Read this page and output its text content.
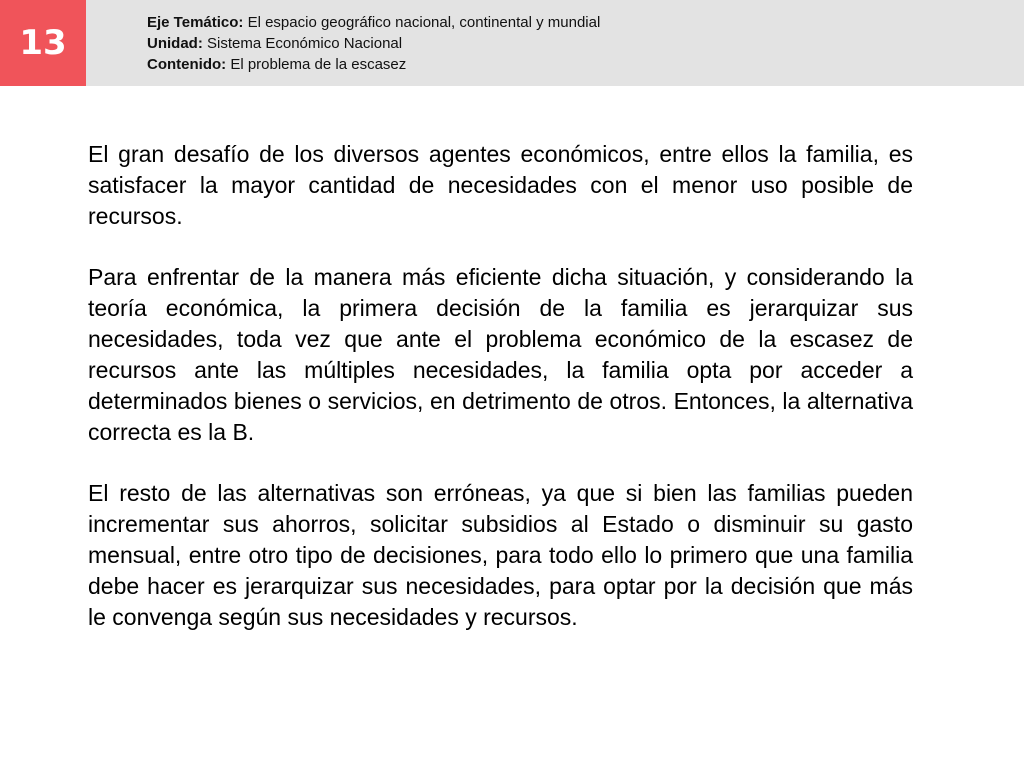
13
Eje Temático: El espacio geográfico nacional, continental y mundial
Unidad: Sistema Económico Nacional
Contenido: El problema de la escasez

El gran desafío de los diversos agentes económicos, entre ellos la familia, es satisfacer la mayor cantidad de necesidades con el menor uso posible de recursos.

Para enfrentar de la manera más eficiente dicha situación, y considerando la teoría económica, la primera decisión de la familia es jerarquizar sus necesidades, toda vez que ante el problema económico de la escasez de recursos ante las múltiples necesidades, la familia opta por acceder a determinados bienes o servicios, en detrimento de otros. Entonces, la alternativa correcta es la B.

El resto de las alternativas son erróneas, ya que si bien las familias pueden incrementar sus ahorros, solicitar subsidios al Estado o disminuir su gasto mensual, entre otro tipo de decisiones, para todo ello lo primero que una familia debe hacer es jerarquizar sus necesidades, para optar por la decisión que más le convenga según sus necesidades y recursos.
